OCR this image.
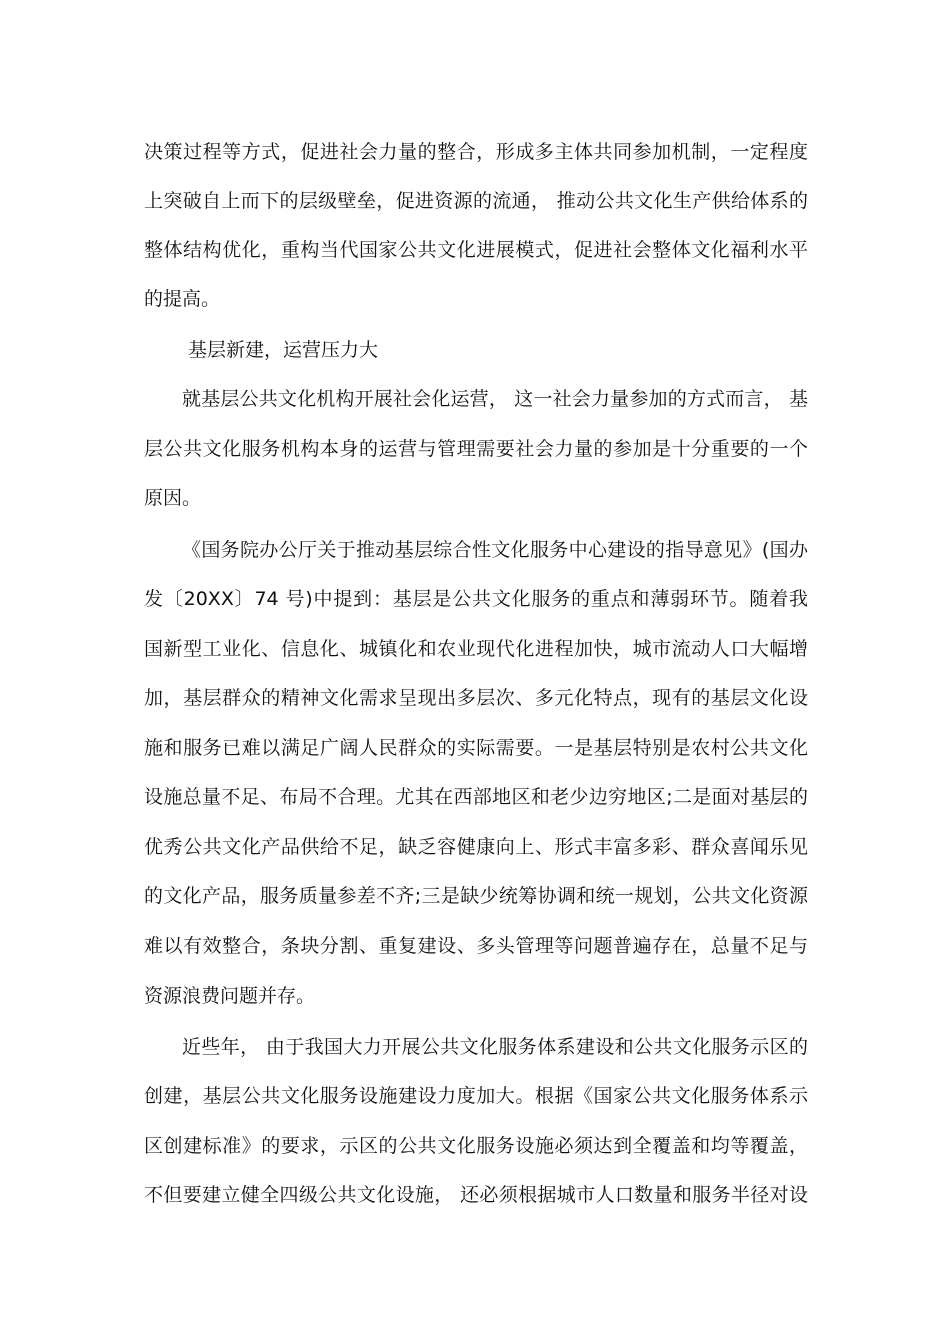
决策过程等方式，促进社会力量的整合，形成多主体共同参加机制，一定程度
上突破自上而下的层级壁垒，促进资源的流通， 推动公共文化生产供给体系的
整体结构优化，重构当代国家公共文化进展模式，促进社会整体文化福利水平
的提高。
基层新建，运营压力大
就基层公共文化机构开展社会化运营， 这一社会力量参加的方式而言， 基
层公共文化服务机构本身的运营与管理需要社会力量的参加是十分重要的一个
原因。
《国务院办公厅关于推动基层综合性文化服务中心建设的指导意见》(国办
发〔20XX〕74 号)中提到：基层是公共文化服务的重点和薄弱环节。随着我
国新型工业化、信息化、城镇化和农业现代化进程加快，城市流动人口大幅增
加，基层群众的精神文化需求呈现出多层次、多元化特点，现有的基层文化设
施和服务已难以满足广阔人民群众的实际需要。一是基层特别是农村公共文化
设施总量不足、布局不合理。尤其在西部地区和老少边穷地区;二是面对基层的
优秀公共文化产品供给不足，缺乏容健康向上、形式丰富多彩、群众喜闻乐见
的文化产品，服务质量参差不齐;三是缺少统筹协调和统一规划，公共文化资源
难以有效整合，条块分割、重复建设、多头管理等问题普遍存在，总量不足与
资源浪费问题并存。
近些年， 由于我国大力开展公共文化服务体系建设和公共文化服务示区的
创建，基层公共文化服务设施建设力度加大。根据《国家公共文化服务体系示
区创建标准》的要求，示区的公共文化服务设施必须达到全覆盖和均等覆盖，
不但要建立健全四级公共文化设施， 还必须根据城市人口数量和服务半径对设
